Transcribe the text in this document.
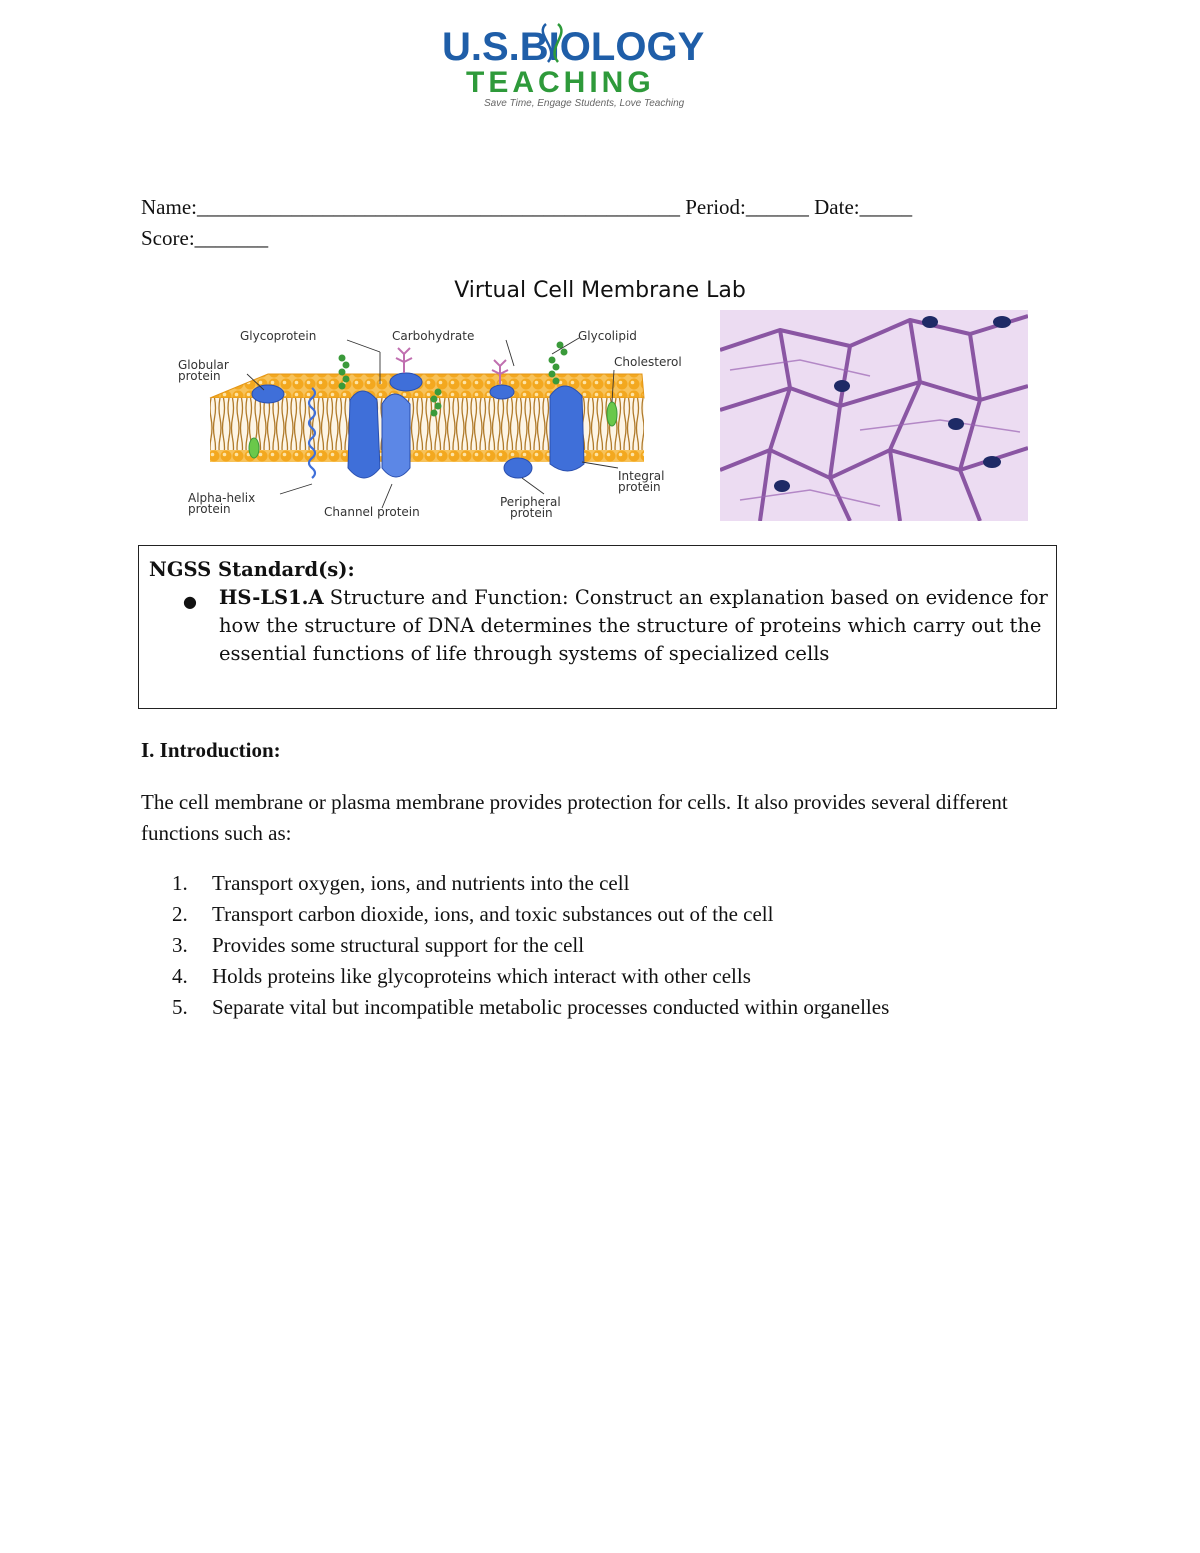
U.S.BIOLOGY
TEACHING
Save Time, Engage Students, Love Teaching
Name:______________________________________________ Period:______ Date:_____
Score:_______
Virtual Cell Membrane Lab
Glycoprotein	Carbohydrate	Glycolipid
Globular
protein
Cholesterol
Alpha-helix
protein	Channel protein
Peripheral
protein
Integral
protein
NGSS Standard(s):
● HS-LS1.A Structure and Function: Construct an explanation based on evidence for how the structure of DNA determines the structure of proteins which carry out the essential functions of life through systems of specialized cells
I. Introduction:
The cell membrane or plasma membrane provides protection for cells. It also provides several different functions such as:
1. Transport oxygen, ions, and nutrients into the cell
2. Transport carbon dioxide, ions, and toxic substances out of the cell
3. Provides some structural support for the cell
4. Holds proteins like glycoproteins which interact with other cells
5. Separate vital but incompatible metabolic processes conducted within organelles
